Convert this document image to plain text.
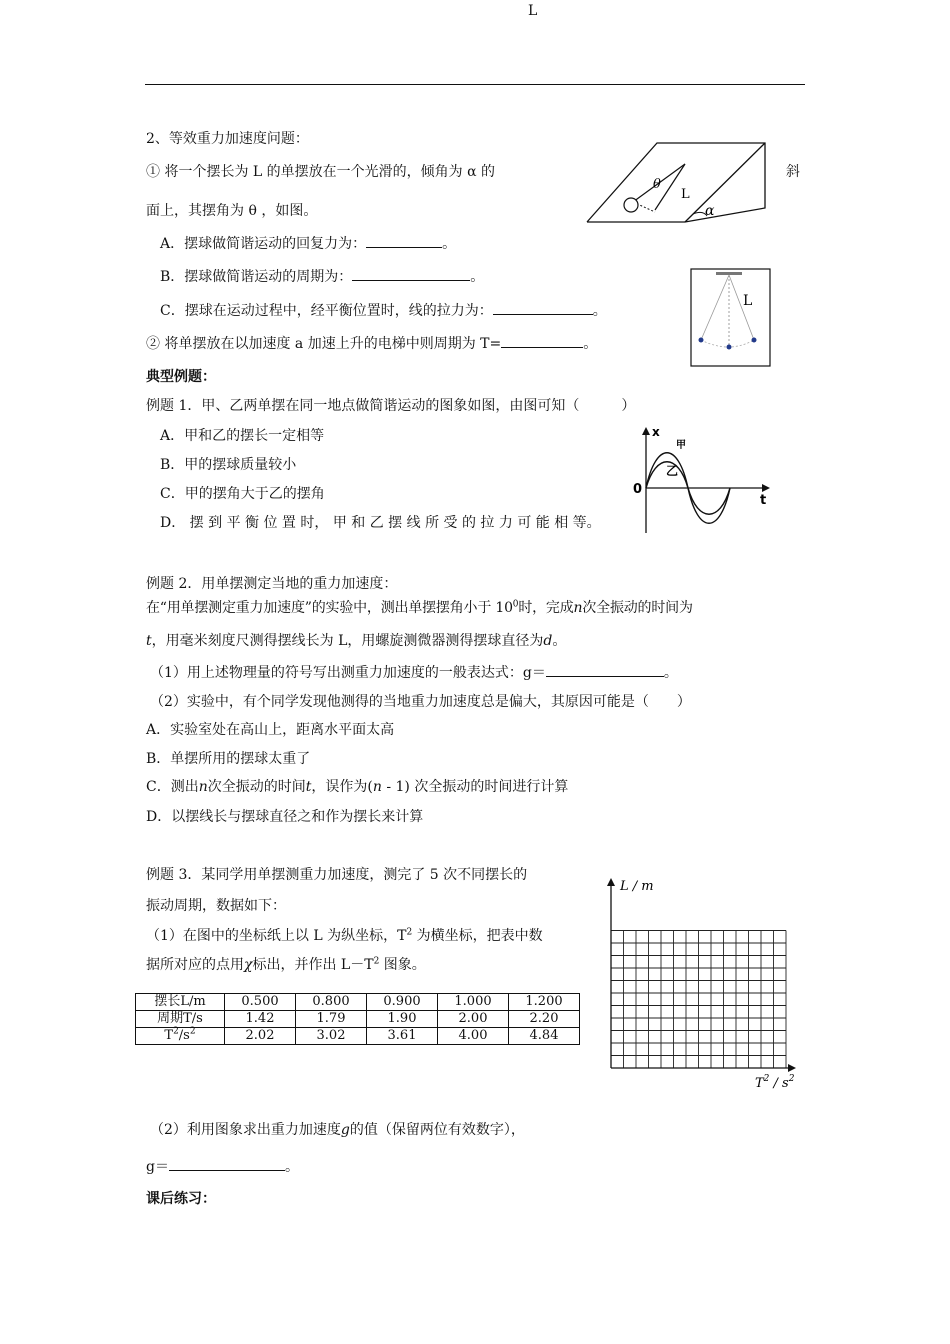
L
2、等效重力加速度问题：
① 将一个摆长为 L 的单摆放在一个光滑的，倾角为 α 的	斜
面上，其摆角为 θ ，如图。
θ
L
α
A．摆球做简谐运动的回复力为：	。
B．摆球做简谐运动的周期为：	。
C．摆球在运动过程中，经平衡位置时，线的拉力为：	。
② 将单摆放在以加速度 a 加速上升的电梯中则周期为 T=	。
L
典型例题：
例题 1．甲、乙两单摆在同一地点做简谐运动的图象如图，由图可知（　　　）
A．甲和乙的摆长一定相等
B．甲的摆球质量较小
C．甲的摆角大于乙的摆角
D． 摆 到 平 衡 位 置 时， 甲 和 乙 摆 线 所 受 的 拉 力 可 能 相 等。
x
t
0
甲
乙
例题 2．用单摆测定当地的重力加速度：
在“用单摆测定重力加速度”的实验中，测出单摆摆角小于 $10^0$时，完成n次全振动的时间为
t，用毫米刻度尺测得摆线长为 L，用螺旋测微器测得摆球直径为d。
（1）用上述物理量的符号写出测重力加速度的一般表达式：g＝	。
（2）实验中，有个同学发现他测得的当地重力加速度总是偏大，其原因可能是（　　）
A．实验室处在高山上，距离水平面太高
B．单摆所用的摆球太重了
C．测出n次全振动的时间t，误作为(n - 1) 次全振动的时间进行计算
D．以摆线长与摆球直径之和作为摆长来计算
例题 3．某同学用单摆测重力加速度，测完了 5 次不同摆长的
振动周期，数据如下：
（1）在图中的坐标纸上以 L 为纵坐标，$T^2$ 为横坐标，把表中数
据所对应的点用χ标出，并作出 $L-T^2$ 图象。
摆长L/m	0.500	0.800	0.900	1.000	1.200
周期T/s	1.42	1.79	1.90	2.00	2.20
$T^2/s^2$	2.02	3.02	3.61	4.00	4.84
L / m
$T^2 / s^2$
（2）利用图象求出重力加速度g的值（保留两位有效数字），
g＝	。
课后练习：
